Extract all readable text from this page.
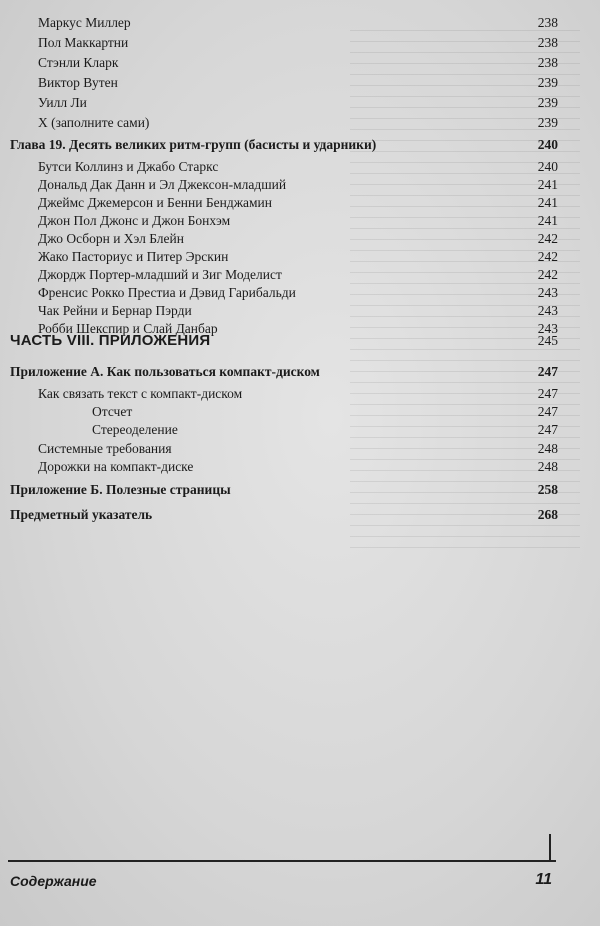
Маркус Миллер	238
Пол Маккартни	238
Стэнли Кларк	238
Виктор Вутен	239
Уилл Ли	239
Х (заполните сами)	239
Глава 19. Десять великих ритм-групп (басисты и ударники)	240
Бутси Коллинз и Джабо Старкс	240
Дональд Дак Данн и Эл Джексон-младший	241
Джеймс Джемерсон и Бенни Бенджамин	241
Джон Пол Джонс и Джон Бонхэм	241
Джо Осборн и Хэл Блейн	242
Жако Пасториус и Питер Эрскин	242
Джордж Портер-младший и Зиг Моделист	242
Френсис Рокко Престиа и Дэвид Гарибальди	243
Чак Рейни и Бернар Пэрди	243
Робби Шекспир и Слай Данбар	243
ЧАСТЬ VIII. ПРИЛОЖЕНИЯ	245
Приложение А. Как пользоваться компакт-диском	247
Как связать текст с компакт-диском	247
Отсчет	247
Стереоделение	247
Системные требования	248
Дорожки на компакт-диске	248
Приложение Б. Полезные страницы	258
Предметный указатель	268
Содержание	11
